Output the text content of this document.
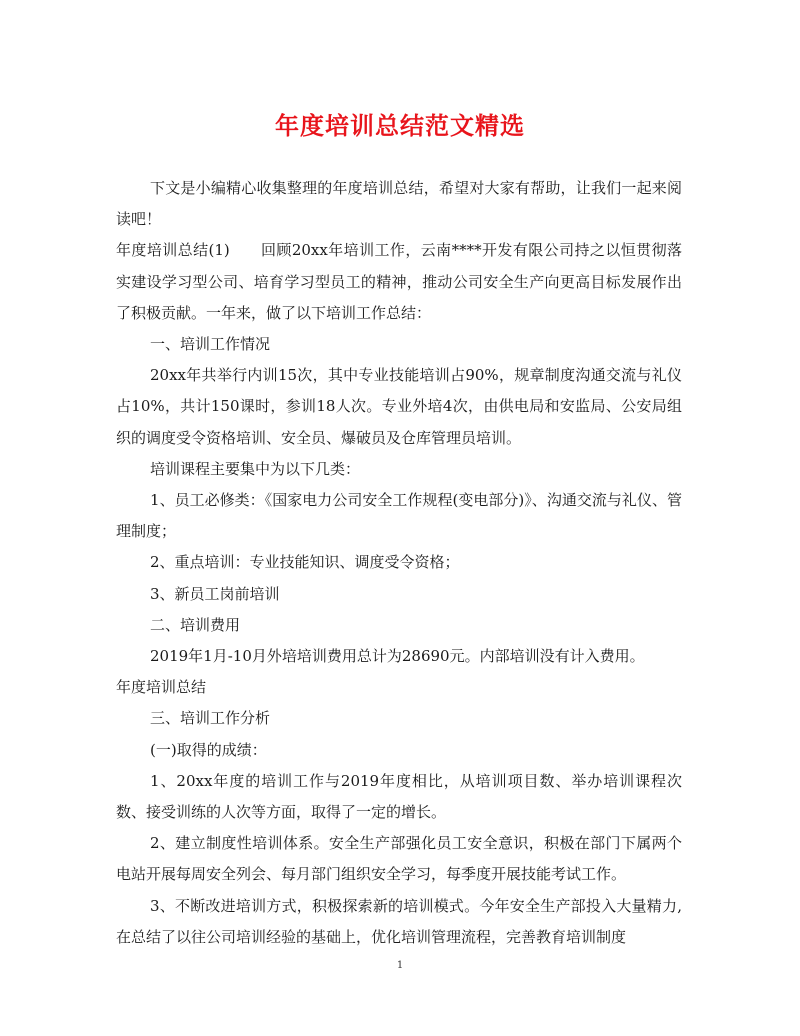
年度培训总结范文精选

下文是小编精心收集整理的年度培训总结，希望对大家有帮助，让我们一起来阅读吧！

年度培训总结(1)　　回顾20xx年培训工作，云南****开发有限公司持之以恒贯彻落实建设学习型公司、培育学习型员工的精神，推动公司安全生产向更高目标发展作出了积极贡献。一年来，做了以下培训工作总结：

一、培训工作情况

20xx年共举行内训15次，其中专业技能培训占90%，规章制度沟通交流与礼仪占10%，共计150课时，参训18人次。专业外培4次，由供电局和安监局、公安局组织的调度受令资格培训、安全员、爆破员及仓库管理员培训。

培训课程主要集中为以下几类：

1、员工必修类：《国家电力公司安全工作规程(变电部分)》、沟通交流与礼仪、管理制度；

2、重点培训：专业技能知识、调度受令资格；

3、新员工岗前培训

二、培训费用

2019年1月-10月外培培训费用总计为28690元。内部培训没有计入费用。

年度培训总结

三、培训工作分析

(一)取得的成绩：

1、20xx年度的培训工作与2019年度相比，从培训项目数、举办培训课程次数、接受训练的人次等方面，取得了一定的增长。

2、建立制度性培训体系。安全生产部强化员工安全意识，积极在部门下属两个电站开展每周安全列会、每月部门组织安全学习，每季度开展技能考试工作。

3、不断改进培训方式，积极探索新的培训模式。今年安全生产部投入大量精力,在总结了以往公司培训经验的基础上，优化培训管理流程，完善教育培训制度

1
